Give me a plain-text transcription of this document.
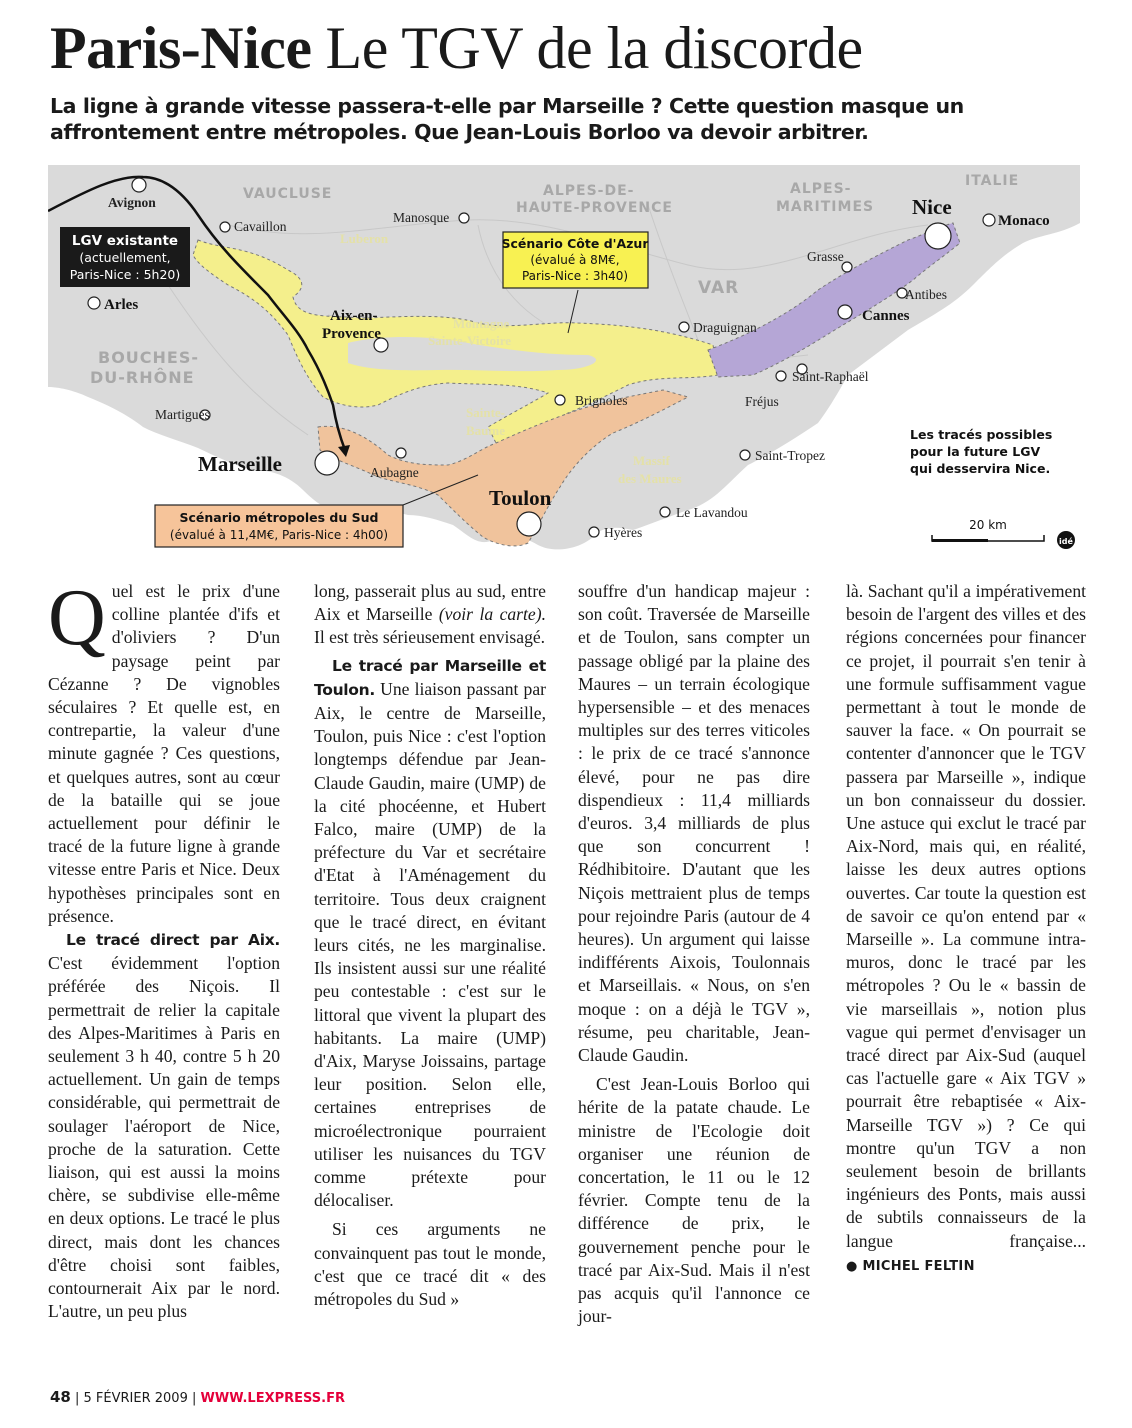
Paris-Nice Le TGV de la discorde

La ligne à grande vitesse passera-t-elle par Marseille ? Cette question masque un affrontement entre métropoles. Que Jean-Louis Borloo va devoir arbitrer.

VAUCLUSE	ALPES-DE-
HAUTE-PROVENCE
ALPES-
MARITIMES
ITALIE
VAR
BOUCHES-
DU-RHÔNE
Luberon
Montagne
Sainte-Victoire
Sainte-
Baume
Massif
des Maures
Avignon
Cavaillon
Manosque
Arles
Aix-en-
Provence
Martigues
Marseille	Aubagne
Toulon
Hyères
Le Lavandou
Brignoles
Draguignan
Saint-Tropez
Fréjus
Saint-Raphaël
Cannes
Antibes
Grasse
Nice
Monaco
LGV existante
(actuellement,
Paris-Nice : 5h20)
Scénario Côte d'Azur
(évalué à 8M€,
Paris-Nice : 3h40)
Scénario métropoles du Sud
(évalué à 11,4M€, Paris-Nice : 4h00)
Les tracés possibles
pour la future LGV
qui desservira Nice.
20 km
idé

Quel est le prix d'une colline plantée d'ifs et d'oliviers ? D'un paysage peint par Cézanne ? De vignobles séculaires ? Et quelle est, en contrepartie, la valeur d'une minute gagnée ? Ces questions, et quelques autres, sont au cœur de la bataille qui se joue actuellement pour définir le tracé de la future ligne à grande vitesse entre Paris et Nice. Deux hypothèses principales sont en présence.

Le tracé direct par Aix. C'est évidemment l'option préférée des Niçois. Il permettrait de relier la capitale des Alpes-Maritimes à Paris en seulement 3 h 40, contre 5 h 20 actuellement. Un gain de temps considérable, qui permettrait de soulager l'aéroport de Nice, proche de la saturation. Cette liaison, qui est aussi la moins chère, se subdivise elle-même en deux options. Le tracé le plus direct, mais dont les chances d'être choisi sont faibles, contournerait Aix par le nord. L'autre, un peu plus

long, passerait plus au sud, entre Aix et Marseille (voir la carte). Il est très sérieusement envisagé.

Le tracé par Marseille et Toulon. Une liaison passant par Aix, le centre de Marseille, Toulon, puis Nice : c'est l'option longtemps défendue par Jean-Claude Gaudin, maire (UMP) de la cité phocéenne, et Hubert Falco, maire (UMP) de la préfecture du Var et secrétaire d'Etat à l'Aménagement du territoire. Tous deux craignent que le tracé direct, en évitant leurs cités, ne les marginalise. Ils insistent aussi sur une réalité peu contestable : c'est sur le littoral que vivent la plupart des habitants. La maire (UMP) d'Aix, Maryse Joissains, partage leur position. Selon elle, certaines entreprises de microélectronique pourraient utiliser les nuisances du TGV comme prétexte pour délocaliser.

Si ces arguments ne convainquent pas tout le monde, c'est que ce tracé dit « des métropoles du Sud »

souffre d'un handicap majeur : son coût. Traversée de Marseille et de Toulon, sans compter un passage obligé par la plaine des Maures – un terrain écologique hypersensible – et des menaces multiples sur des terres viticoles : le prix de ce tracé s'annonce élevé, pour ne pas dire dispendieux : 11,4 milliards d'euros. 3,4 milliards de plus que son concurrent ! Rédhibitoire. D'autant que les Niçois mettraient plus de temps pour rejoindre Paris (autour de 4 heures). Un argument qui laisse indifférents Aixois, Toulonnais et Marseillais. « Nous, on s'en moque : on a déjà le TGV », résume, peu charitable, Jean-Claude Gaudin.

C'est Jean-Louis Borloo qui hérite de la patate chaude. Le ministre de l'Ecologie doit organiser une réunion de concertation, le 11 ou le 12 février. Compte tenu de la différence de prix, le gouvernement penche pour le tracé par Aix-Sud. Mais il n'est pas acquis qu'il l'annonce ce jour-

là. Sachant qu'il a impérativement besoin de l'argent des villes et des régions concernées pour financer ce projet, il pourrait s'en tenir à une formule suffisamment vague permettant à tout le monde de sauver la face. « On pourrait se contenter d'annoncer que le TGV passera par Marseille », indique un bon connaisseur du dossier. Une astuce qui exclut le tracé par Aix-Nord, mais qui, en réalité, laisse les deux autres options ouvertes. Car toute la question est de savoir ce qu'on entend par « Marseille ». La commune intra-muros, donc le tracé par les métropoles ? Ou le « bassin de vie marseillais », notion plus vague qui permet d'envisager un tracé direct par Aix-Sud (auquel cas l'actuelle gare « Aix TGV » pourrait être rebaptisée « Aix-Marseille TGV ») ? Ce qui montre qu'un TGV a non seulement besoin de brillants ingénieurs des Ponts, mais aussi de subtils connaisseurs de la langue française... ● MICHEL FELTIN

48 | 5 FÉVRIER 2009 | WWW.LEXPRESS.FR
